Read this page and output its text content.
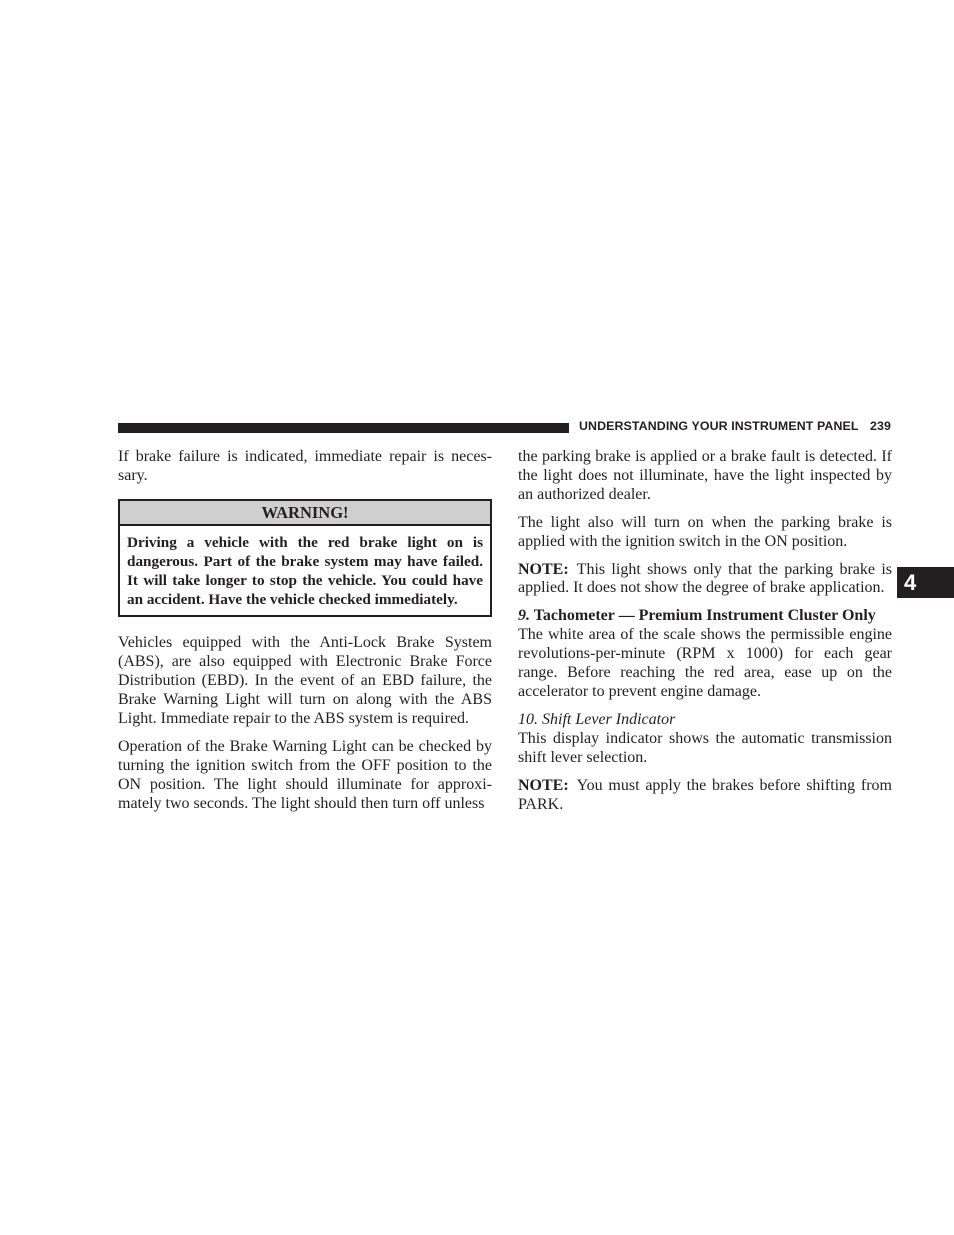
UNDERSTANDING YOUR INSTRUMENT PANEL 239
4

If brake failure is indicated, immediate repair is neces-sary.

WARNING!
Driving a vehicle with the red brake light on is dangerous. Part of the brake system may have failed. It will take longer to stop the vehicle. You could have an accident. Have the vehicle checked immediately.

Vehicles equipped with the Anti-Lock Brake System (ABS), are also equipped with Electronic Brake Force Distribution (EBD). In the event of an EBD failure, the Brake Warning Light will turn on along with the ABS Light. Immediate repair to the ABS system is required.

Operation of the Brake Warning Light can be checked by turning the ignition switch from the OFF position to the ON position. The light should illuminate for approxi-mately two seconds. The light should then turn off unless

the parking brake is applied or a brake fault is detected. If the light does not illuminate, have the light inspected by an authorized dealer.

The light also will turn on when the parking brake is applied with the ignition switch in the ON position.

NOTE: This light shows only that the parking brake is applied. It does not show the degree of brake application.

9. Tachometer — Premium Instrument Cluster Only

The white area of the scale shows the permissible engine revolutions-per-minute (RPM x 1000) for each gear range. Before reaching the red area, ease up on the accelerator to prevent engine damage.

10. Shift Lever Indicator

This display indicator shows the automatic transmission shift lever selection.

NOTE: You must apply the brakes before shifting from PARK.
